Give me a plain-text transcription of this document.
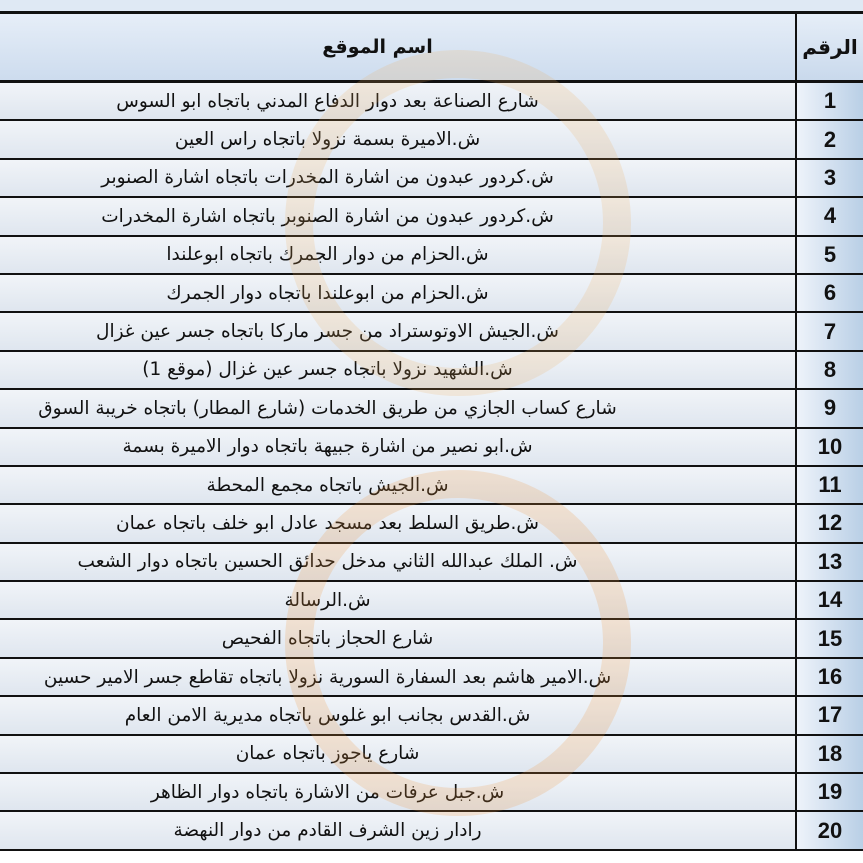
الرقم
اسم الموقع
1
شارع الصناعة بعد دوار الدفاع المدني باتجاه ابو السوس
2
ش.الاميرة بسمة نزولا باتجاه راس العين
3
ش.كردور عبدون من اشارة المخدرات باتجاه اشارة الصنوبر
4
ش.كردور عبدون من اشارة الصنوبر باتجاه اشارة المخدرات
5
ش.الحزام من دوار الجمرك باتجاه ابوعلندا
6
ش.الحزام من ابوعلندا باتجاه دوار الجمرك
7
ش.الجيش الاوتوستراد من جسر ماركا باتجاه جسر عين غزال
8
ش.الشهيد نزولا باتجاه جسر عين غزال (موقع 1)
9
شارع كساب الجازي من طريق الخدمات (شارع المطار) باتجاه خريبة السوق
10
ش.ابو نصير من اشارة جبيهة باتجاه دوار الاميرة بسمة
11
ش.الجيش باتجاه مجمع المحطة
12
ش.طريق السلط بعد مسجد عادل ابو خلف باتجاه عمان
13
ش. الملك عبدالله الثاني مدخل حدائق الحسين باتجاه دوار الشعب
14
ش.الرسالة
15
شارع الحجاز باتجاه الفحيص
16
ش.الامير هاشم بعد السفارة السورية نزولا باتجاه تقاطع جسر الامير حسين
17
ش.القدس بجانب ابو غلوس باتجاه مديرية الامن العام
18
شارع ياجوز باتجاه عمان
19
ش.جبل عرفات من الاشارة باتجاه دوار الظاهر
20
رادار زين الشرف القادم من دوار النهضة
